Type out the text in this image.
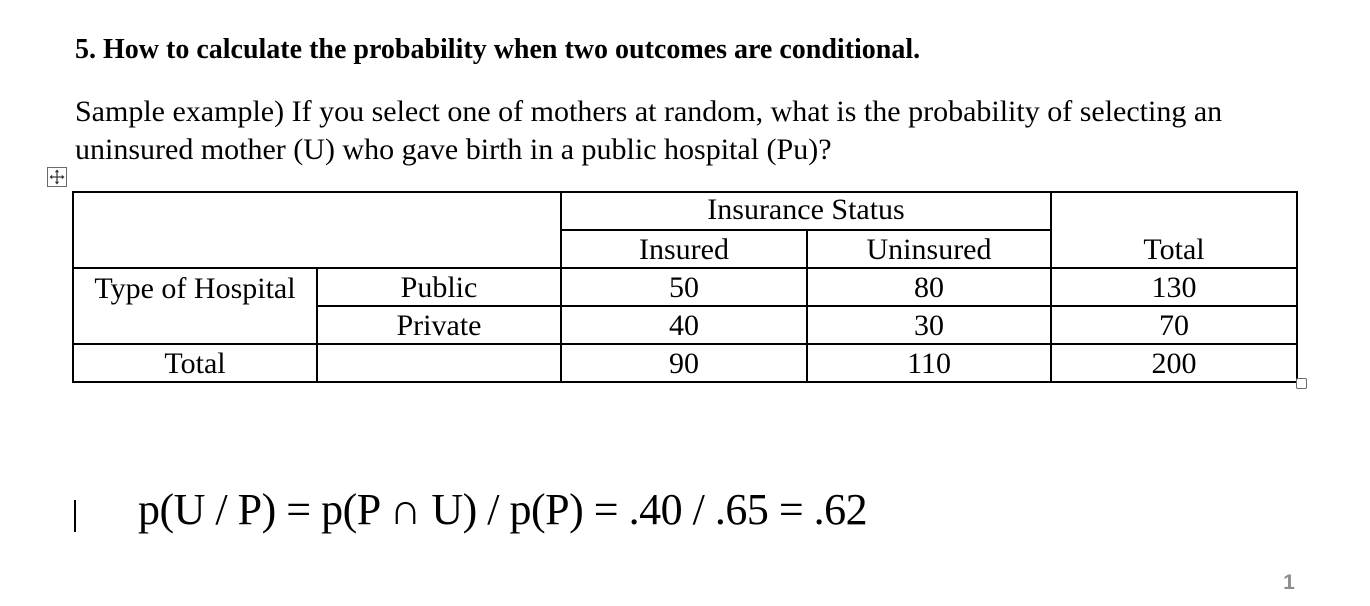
5. How to calculate the probability when two outcomes are conditional.

Sample example) If you select one of mothers at random, what is the probability of selecting an uninsured mother (U) who gave birth in a public hospital (Pu)?

		Insurance Status		
		Insured	Uninsured	Total
Type of Hospital	Public	50	80	130
	Private	40	30	70
Total		90	110	200
p(U / P) = p(P ∩ U) / p(P) = .40 / .65 = .62
1
